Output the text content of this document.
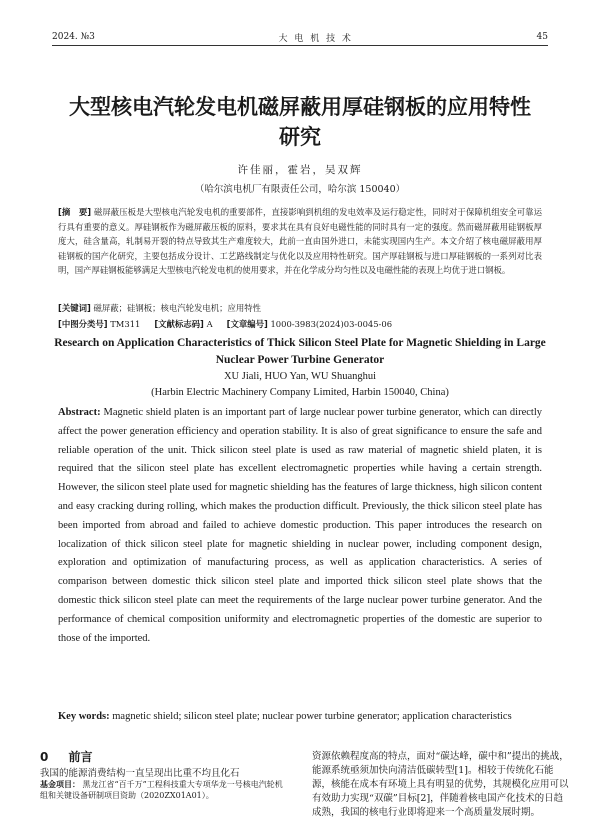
2024. №3	大 电 机 技 术	45
大型核电汽轮发电机磁屏蔽用厚硅钢板的应用特性研究
许佳丽，霍岩，吴双辉
（哈尔滨电机厂有限责任公司，哈尔滨 150040）
[摘　要] 磁屏蔽压板是大型核电汽轮发电机的重要部件，直接影响到机组的发电效率及运行稳定性，同时对于保障机组安全可靠运行具有重要的意义。厚硅钢板作为磁屏蔽压板的原料，要求其在具有良好电磁性能的同时具有一定的强度。然而磁屏蔽用硅钢板厚度大，硅含量高，轧制易开裂的特点导致其生产难度较大，此前一直由国外进口，未能实现国内生产。本文介绍了核电磁屏蔽用厚硅钢板的国产化研究，主要包括成分设计、工艺路线制定与优化以及应用特性研究。国产厚硅钢板与进口厚硅钢板的一系列对比表明，国产厚硅钢板能够满足大型核电汽轮发电机的使用要求，并在化学成分均匀性以及电磁性能的表现上均优于进口钢板。
[关键词] 磁屏蔽；硅钢板；核电汽轮发电机；应用特性
[中图分类号] TM311 [文献标志码] A [文章编号] 1000-3983(2024)03-0045-06
Research on Application Characteristics of Thick Silicon Steel Plate for Magnetic Shielding in Large Nuclear Power Turbine Generator
XU Jiali, HUO Yan, WU Shuanghui
(Harbin Electric Machinery Company Limited, Harbin 150040, China)
Abstract: Magnetic shield platen is an important part of large nuclear power turbine generator, which can directly affect the power generation efficiency and operation stability. It is also of great significance to ensure the safe and reliable operation of the unit. Thick silicon steel plate is used as raw material of magnetic shield platen, it is required that the silicon steel plate has excellent electromagnetic properties while having a certain strength. However, the silicon steel plate used for magnetic shielding has the features of large thickness, high silicon content and easy cracking during rolling, which makes the production difficult. Previously, the thick silicon steel plate has been imported from abroad and failed to achieve domestic production. This paper introduces the research on localization of thick silicon steel plate for magnetic shielding in nuclear power, including component design, exploration and optimization of manufacturing process, as well as application characteristics. A series of comparison between domestic thick silicon steel plate and imported thick silicon steel plate shows that the domestic thick silicon steel plate can meet the requirements of the large nuclear power turbine generator. And the performance of chemical composition uniformity and electromagnetic properties of the domestic are superior to those of the imported.
Key words: magnetic shield; silicon steel plate; nuclear power turbine generator; application characteristics
0 前言
我国的能源消费结构一直呈现出比重不均且化石
基金项目： 黑龙江省“百千万”工程科技重大专项华龙一号核电汽轮机组和关键设备研制项目资助（2020ZX01A01）。
资源依赖程度高的特点，面对“碳达峰，碳中和”提出的挑战，能源系统亟须加快向清洁低碳转型[1]。相较于传统化石能源，核能在成本有环境上具有明显的优势，其规模化应用可以有效助力实现“双碳”目标[2]，伴随着核电国产化技术的日趋成熟，我国的核电行业即将迎来一个高质量发展时期。
